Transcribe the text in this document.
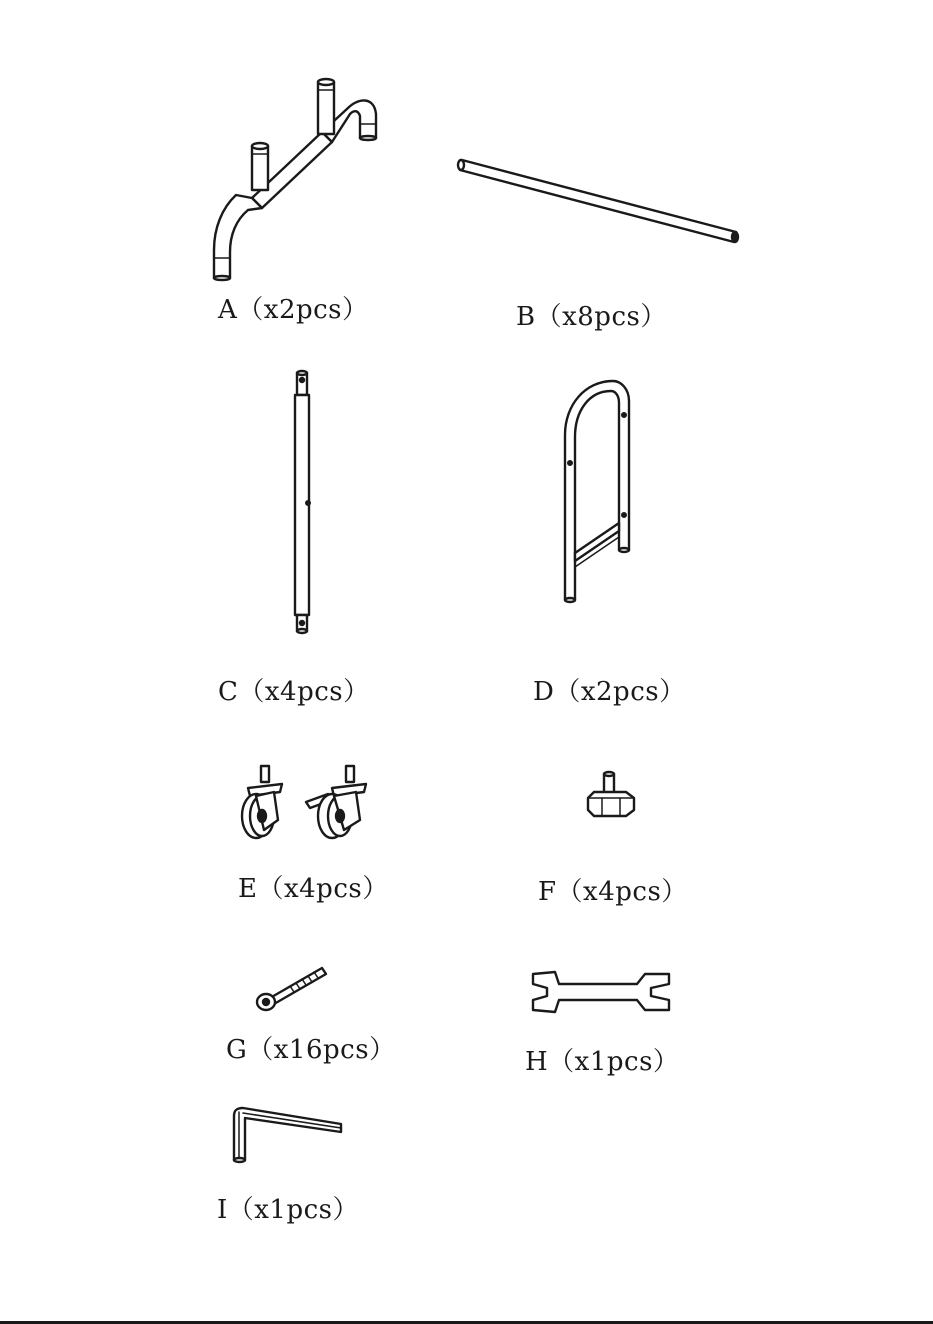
A（x2pcs）	B（x8pcs）
C（x4pcs）	D（x2pcs）
E（x4pcs）	F（x4pcs）
G（x16pcs）	H（x1pcs）
I（x1pcs）
